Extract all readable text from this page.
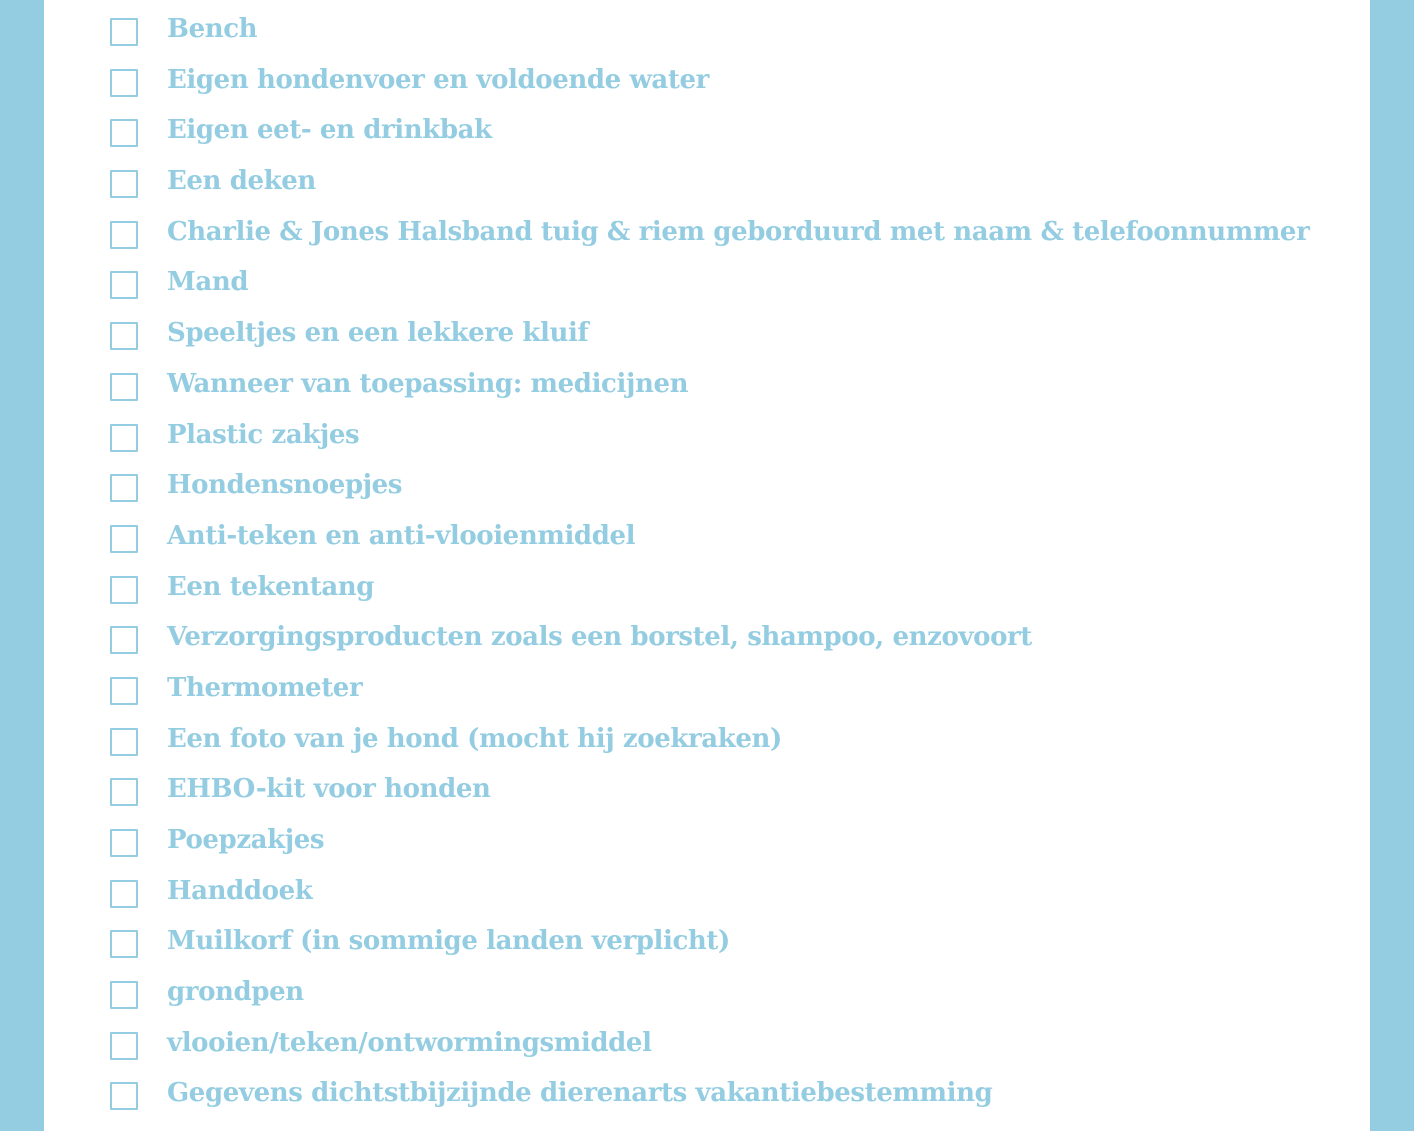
Bench
Eigen hondenvoer en voldoende water
Eigen eet- en drinkbak
Een deken
Charlie & Jones Halsband tuig & riem geborduurd met naam & telefoonnummer
Mand
Speeltjes en een lekkere kluif
Wanneer van toepassing: medicijnen
Plastic zakjes
Hondensnoepjes
Anti-teken en anti-vlooienmiddel
Een tekentang
Verzorgingsproducten zoals een borstel, shampoo, enzovoort
Thermometer
Een foto van je hond (mocht hij zoekraken)
EHBO-kit voor honden
Poepzakjes
Handdoek
Muilkorf (in sommige landen verplicht)
grondpen
vlooien/teken/ontwormingsmiddel
Gegevens dichtstbijzijnde dierenarts vakantiebestemming
